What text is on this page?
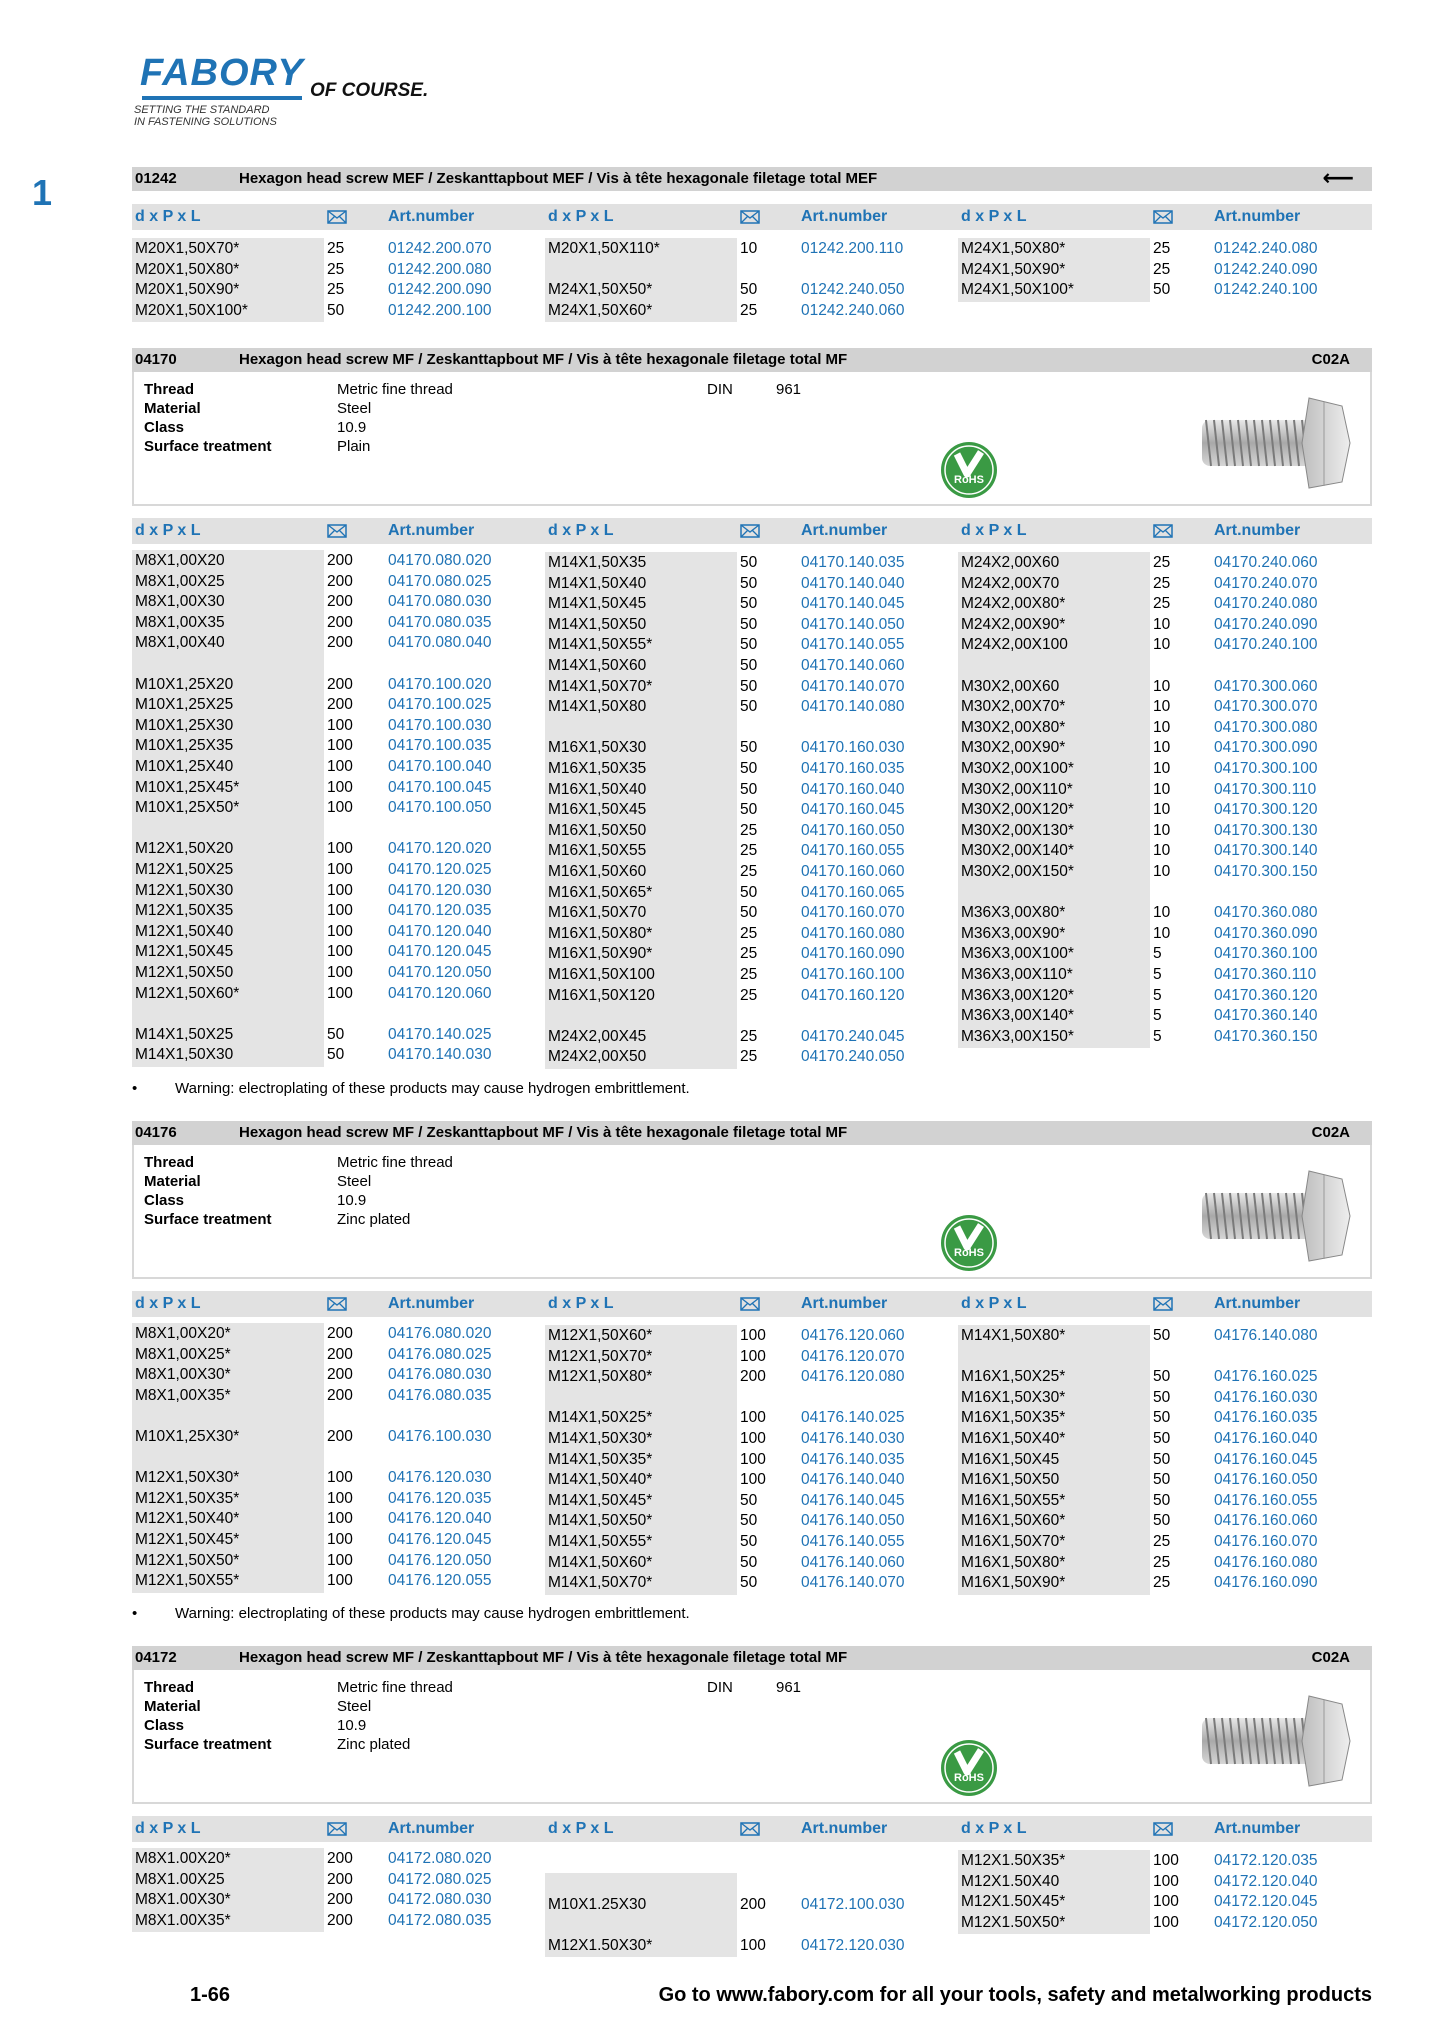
FABORY OF COURSE.
SETTING THE STANDARD
IN FASTENING SOLUTIONS
1	01242	Hexagon head screw MEF / Zeskanttapbout MEF / Vis à tête hexagonale filetage total MEF	⟵
d x P x L	Art.number	d x P x L	Art.number	d x P x L	Art.number
M20X1,50X70*	25	01242.200.070
M20X1,50X80*	25	01242.200.080
M20X1,50X90*	25	01242.200.090
M20X1,50X100*	50	01242.200.100
M20X1,50X110*	10	01242.200.110
M24X1,50X50*	50	01242.240.050
M24X1,50X60*	25	01242.240.060
M24X1,50X80*	25	01242.240.080
M24X1,50X90*	25	01242.240.090
M24X1,50X100*	50	01242.240.100
04170	Hexagon head screw MF / Zeskanttapbout MF / Vis à tête hexagonale filetage total MF	C02A
Thread	Metric fine thread
Material	Steel
Class	10.9
Surface treatment	Plain
DIN	961
RoHS
d x P x L	Art.number	d x P x L	Art.number	d x P x L	Art.number
M8X1,00X20	200 04170.080.020
M8X1,00X25	200 04170.080.025
M8X1,00X30	200 04170.080.030
M8X1,00X35	200 04170.080.035
M8X1,00X40	200 04170.080.040
M10X1,25X20	200 04170.100.020
M10X1,25X25	200 04170.100.025
M10X1,25X30	100 04170.100.030
M10X1,25X35	100 04170.100.035
M10X1,25X40	100 04170.100.040
M10X1,25X45*	100 04170.100.045
M10X1,25X50*	100 04170.100.050
M12X1,50X20	100 04170.120.020
M12X1,50X25	100 04170.120.025
M12X1,50X30	100 04170.120.030
M12X1,50X35	100 04170.120.035
M12X1,50X40	100 04170.120.040
M12X1,50X45	100 04170.120.045
M12X1,50X50	100 04170.120.050
M12X1,50X60*	100 04170.120.060
M14X1,50X25	50	04170.140.025
M14X1,50X30	50	04170.140.030
M14X1,50X35	50	04170.140.035
M14X1,50X40	50	04170.140.040
M14X1,50X45	50	04170.140.045
M14X1,50X50	50	04170.140.050
M14X1,50X55*	50	04170.140.055
M14X1,50X60	50	04170.140.060
M14X1,50X70*	50	04170.140.070
M14X1,50X80	50	04170.140.080
M16X1,50X30	50	04170.160.030
M16X1,50X35	50	04170.160.035
M16X1,50X40	50	04170.160.040
M16X1,50X45	50	04170.160.045
M16X1,50X50	25	04170.160.050
M16X1,50X55	25	04170.160.055
M16X1,50X60	25	04170.160.060
M16X1,50X65*	50	04170.160.065
M16X1,50X70	50	04170.160.070
M16X1,50X80*	25	04170.160.080
M16X1,50X90*	25	04170.160.090
M16X1,50X100	25	04170.160.100
M16X1,50X120	25	04170.160.120
M24X2,00X45	25	04170.240.045
M24X2,00X50	25	04170.240.050
M24X2,00X60	25	04170.240.060
M24X2,00X70	25	04170.240.070
M24X2,00X80*	25	04170.240.080
M24X2,00X90*	10	04170.240.090
M24X2,00X100	10	04170.240.100
M30X2,00X60	10	04170.300.060
M30X2,00X70*	10	04170.300.070
M30X2,00X80*	10	04170.300.080
M30X2,00X90*	10	04170.300.090
M30X2,00X100*	10	04170.300.100
M30X2,00X110*	10	04170.300.110
M30X2,00X120*	10	04170.300.120
M30X2,00X130*	10	04170.300.130
M30X2,00X140*	10	04170.300.140
M30X2,00X150*	10	04170.300.150
M36X3,00X80*	10	04170.360.080
M36X3,00X90*	10	04170.360.090
M36X3,00X100*	5	04170.360.100
M36X3,00X110*	5	04170.360.110
M36X3,00X120*	5	04170.360.120
M36X3,00X140*	5	04170.360.140
M36X3,00X150*	5	04170.360.150
•	Warning: electroplating of these products may cause hydrogen embrittlement.
04176	Hexagon head screw MF / Zeskanttapbout MF / Vis à tête hexagonale filetage total MF	C02A
Thread	Metric fine thread
Material	Steel
Class	10.9
Surface treatment	Zinc plated
RoHS
d x P x L	Art.number	d x P x L	Art.number	d x P x L	Art.number
M8X1,00X20*	200 04176.080.020
M8X1,00X25*	200 04176.080.025
M8X1,00X30*	200 04176.080.030
M8X1,00X35*	200 04176.080.035
M10X1,25X30*	200 04176.100.030
M12X1,50X30*	100 04176.120.030
M12X1,50X35*	100 04176.120.035
M12X1,50X40*	100 04176.120.040
M12X1,50X45*	100 04176.120.045
M12X1,50X50*	100 04176.120.050
M12X1,50X55*	100 04176.120.055
M12X1,50X60*	100 04176.120.060
M12X1,50X70*	100 04176.120.070
M12X1,50X80*	200 04176.120.080
M14X1,50X25*	100 04176.140.025
M14X1,50X30*	100 04176.140.030
M14X1,50X35*	100 04176.140.035
M14X1,50X40*	100 04176.140.040
M14X1,50X45*	50	04176.140.045
M14X1,50X50*	50	04176.140.050
M14X1,50X55*	50	04176.140.055
M14X1,50X60*	50	04176.140.060
M14X1,50X70*	50	04176.140.070
M14X1,50X80*	50	04176.140.080
M16X1,50X25*	50	04176.160.025
M16X1,50X30*	50	04176.160.030
M16X1,50X35*	50	04176.160.035
M16X1,50X40*	50	04176.160.040
M16X1,50X45	50	04176.160.045
M16X1,50X50	50	04176.160.050
M16X1,50X55*	50	04176.160.055
M16X1,50X60*	50	04176.160.060
M16X1,50X70*	25	04176.160.070
M16X1,50X80*	25	04176.160.080
M16X1,50X90*	25	04176.160.090
•	Warning: electroplating of these products may cause hydrogen embrittlement.
04172	Hexagon head screw MF / Zeskanttapbout MF / Vis à tête hexagonale filetage total MF	C02A
Thread	Metric fine thread
Material	Steel
Class	10.9
Surface treatment	Zinc plated
DIN	961
RoHS
d x P x L	Art.number	d x P x L	Art.number	d x P x L	Art.number
M8X1.00X20*	200 04172.080.020
M8X1.00X25	200 04172.080.025
M8X1.00X30*	200 04172.080.030
M8X1.00X35*	200 04172.080.035
M10X1.25X30	200 04172.100.030
M12X1.50X30*	100 04172.120.030
M12X1.50X35*	100 04172.120.035
M12X1.50X40	100 04172.120.040
M12X1.50X45*	100 04172.120.045
M12X1.50X50*	100 04172.120.050
1-66	Go to www.fabory.com for all your tools, safety and metalworking products
